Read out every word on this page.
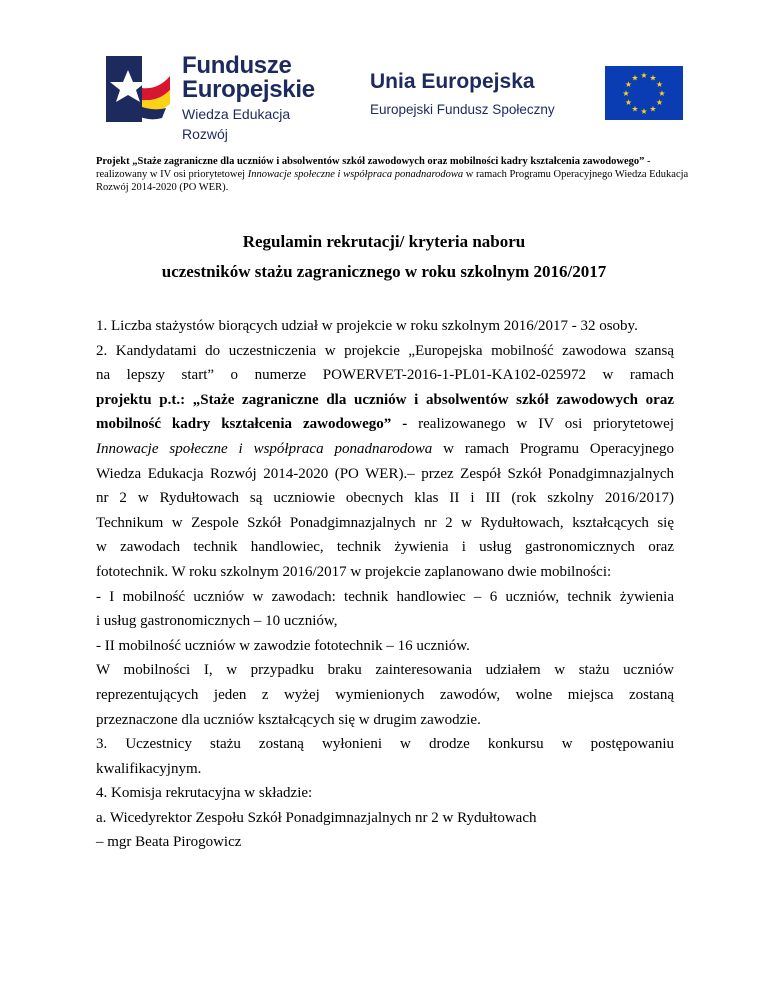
Fundusze
Europejskie
Wiedza Edukacja Rozwój
Unia Europejska
Europejski Fundusz Społeczny
★ ★
★
★
★
★
★
★
★
★
★
★
Projekt „Staże zagraniczne dla uczniów i absolwentów szkół zawodowych oraz mobilności kadry kształcenia zawodowego” - realizowany w IV osi priorytetowej Innowacje społeczne i współpraca ponadnarodowa w ramach Programu Operacyjnego Wiedza Edukacja Rozwój 2014-2020 (PO WER).
Regulamin rekrutacji/ kryteria naboru
uczestników stażu zagranicznego w roku szkolnym 2016/2017
1. Liczba stażystów biorących udział w projekcie w roku szkolnym 2016/2017 - 32 osoby.
2. Kandydatami do uczestniczenia w projekcie „Europejska mobilność zawodowa szansą
na lepszy start” o numerze POWERVET-2016-1-PL01-KA102-025972 w ramach
projektu p.t.: „Staże zagraniczne dla uczniów i absolwentów szkół zawodowych oraz
mobilność kadry kształcenia zawodowego” - realizowanego w IV osi priorytetowej
Innowacje społeczne i współpraca ponadnarodowa w ramach Programu Operacyjnego
Wiedza Edukacja Rozwój 2014-2020 (PO WER).– przez Zespół Szkół Ponadgimnazjalnych
nr 2 w Rydułtowach są uczniowie obecnych klas II i III (rok szkolny 2016/2017)
Technikum w Zespole Szkół Ponadgimnazjalnych nr 2 w Rydułtowach, kształcących się
w zawodach technik handlowiec, technik żywienia i usług gastronomicznych oraz
fototechnik. W roku szkolnym 2016/2017 w projekcie zaplanowano dwie mobilności:
- I mobilność uczniów w zawodach: technik handlowiec – 6 uczniów, technik żywienia
i usług gastronomicznych – 10 uczniów,
- II mobilność uczniów w zawodzie fototechnik – 16 uczniów.
W mobilności I, w przypadku braku zainteresowania udziałem w stażu uczniów
reprezentujących jeden z wyżej wymienionych zawodów, wolne miejsca zostaną
przeznaczone dla uczniów kształcących się w drugim zawodzie.
3. Uczestnicy stażu zostaną wyłonieni w drodze konkursu w postępowaniu
kwalifikacyjnym.
4. Komisja rekrutacyjna w składzie:
a. Wicedyrektor Zespołu Szkół Ponadgimnazjalnych nr 2 w Rydułtowach
– mgr Beata Pirogowicz
